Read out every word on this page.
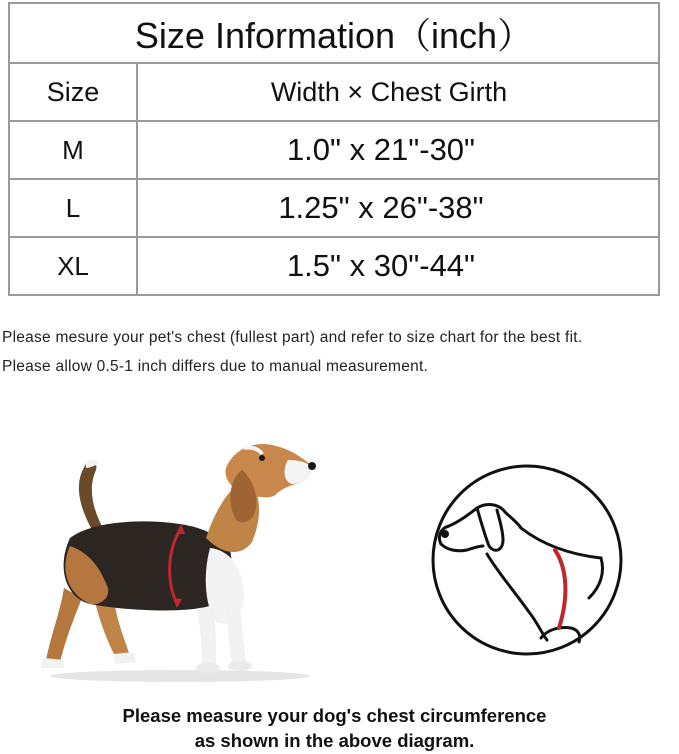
Size Information（inch）
Size	Width × Chest Girth
M	1.0" x 21"-30"
L	1.25" x 26"-38"
XL	1.5" x 30"-44"
Please mesure your pet's chest (fullest part) and refer to size chart for the best fit.
Please allow 0.5-1 inch differs due to manual measurement.
Please measure your dog's chest circumference
as shown in the above diagram.
